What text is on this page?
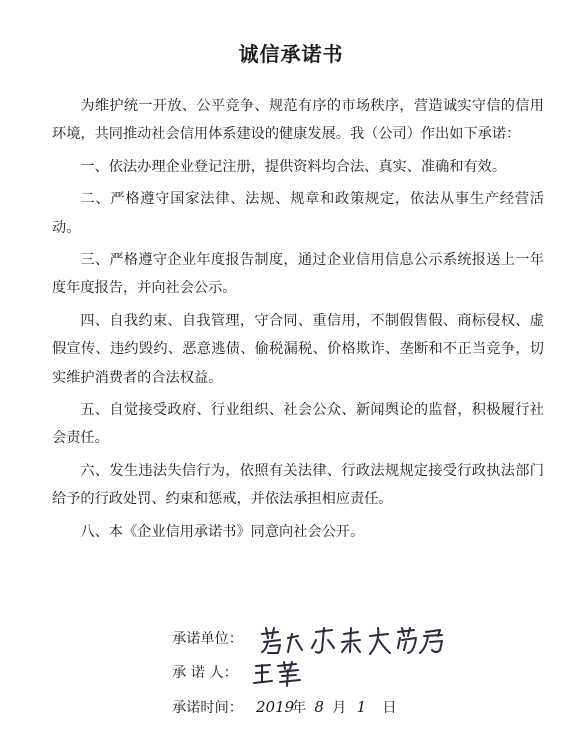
诚信承诺书

为维护统一开放、公平竞争、规范有序的市场秩序，营造诚实守信的信用环境，共同推动社会信用体系建设的健康发展。我（公司）作出如下承诺：

一、依法办理企业登记注册，提供资料均合法、真实、准确和有效。

二、严格遵守国家法律、法规、规章和政策规定，依法从事生产经营活动。

三、严格遵守企业年度报告制度，通过企业信用信息公示系统报送上一年度年度报告，并向社会公示。

四、自我约束、自我管理，守合同、重信用，不制假售假、商标侵权、虚假宣传、违约毁约、恶意逃债、偷税漏税、价格欺诈、垄断和不正当竞争，切实维护消费者的合法权益。

五、自觉接受政府、行业组织、社会公众、新闻舆论的监督，积极履行社会责任。

六、发生违法失信行为，依照有关法律、行政法规规定接受行政执法部门给予的行政处罚、约束和惩戒，并依法承担相应责任。

八、本《企业信用承诺书》同意向社会公开。

承诺单位：
承 诺 人：
承诺时间： 2019年 8 月 1 日
